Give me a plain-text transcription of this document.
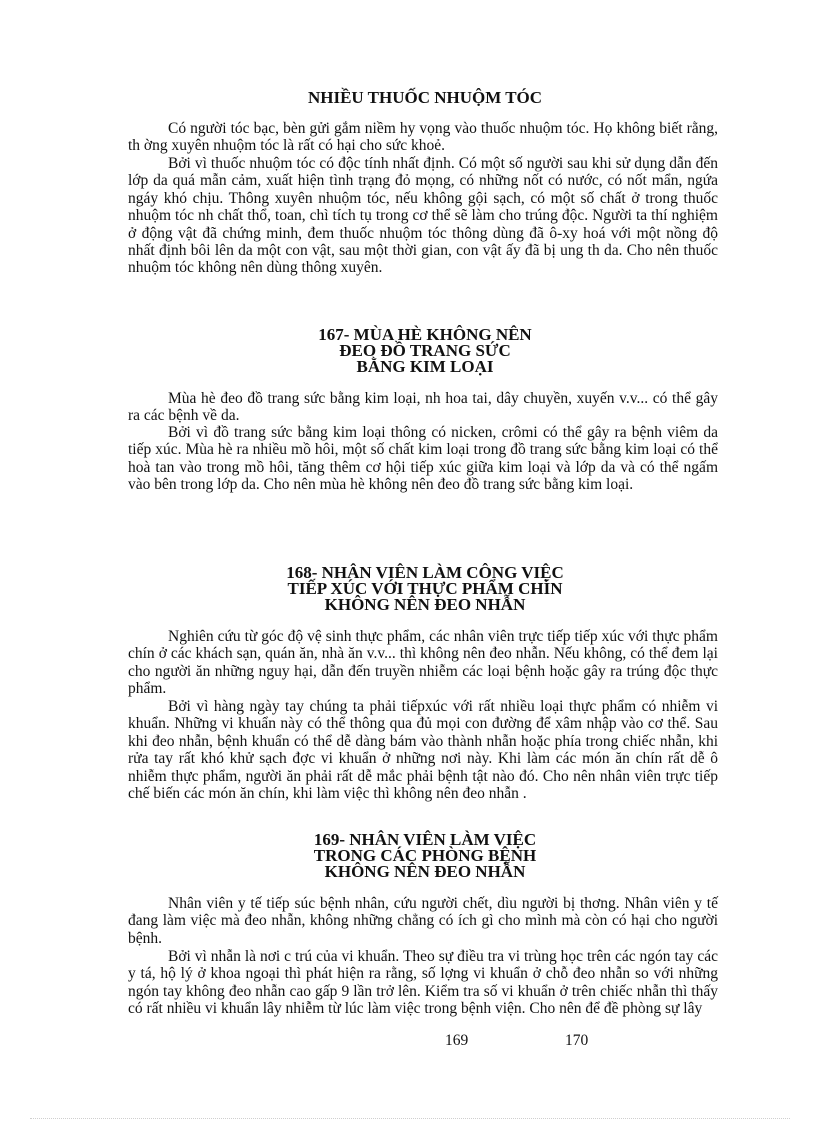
NHIỀU THUỐC NHUỘM TÓC

Có người tóc bạc, bèn gửi gắm niềm hy vọng vào thuốc nhuộm tóc. Họ không biết rằng, th ờng xuyên nhuộm tóc là rất có hại cho sức khoẻ.

Bởi vì thuốc nhuộm tóc có độc tính nhất định. Có một số người sau khi sử dụng dẫn đến lớp da quá mẫn cảm, xuất hiện tình trạng đỏ mọng, có những nốt có nước, có nốt mẩn, ngứa ngáy khó chịu. Thông xuyên nhuộm tóc, nếu không gội sạch, có một số chất ở trong thuốc nhuộm tóc nh chất thổ, toan, chì tích tụ trong cơ thể sẽ làm cho trúng độc. Người ta thí nghiệm ở động vật đã chứng minh, đem thuốc nhuộm tóc thông dùng đã ô-xy hoá với một nồng độ nhất định bôi lên da một con vật, sau một thời gian, con vật ấy đã bị ung th da. Cho nên thuốc nhuộm tóc không nên dùng thông xuyên.

167- MÙA HÈ KHÔNG NÊN
ĐEO ĐỒ TRANG SỨC
BẰNG KIM LOẠI

Mùa hè đeo đồ trang sức bằng kim loại, nh hoa tai, dây chuyền, xuyến v.v... có thể gây ra các bệnh về da.

Bởi vì đồ trang sức bằng kim loại thông có nicken, crômi có thể gây ra bệnh viêm da tiếp xúc. Mùa hè ra nhiều mồ hôi, một số chất kim loại trong đồ trang sức bằng kim loại có thể hoà tan vào trong mồ hôi, tăng thêm cơ hội tiếp xúc giữa kim loại và lớp da và có thể ngấm vào bên trong lớp da. Cho nên mùa hè không nên đeo đồ trang sức bằng kim loại.

168- NHÂN VIÊN LÀM CÔNG VIỆC
TIẾP XÚC VỚI THỰC PHẨM CHÍN
KHÔNG NÊN ĐEO NHẪN

Nghiên cứu từ góc độ vệ sinh thực phẩm, các nhân viên trực tiếp tiếp xúc với thực phẩm chín ở các khách sạn, quán ăn, nhà ăn v.v... thì không nên đeo nhẫn. Nếu không, có thể đem lại cho người ăn những nguy hại, dẫn đến truyền nhiễm các loại bệnh hoặc gây ra trúng độc thực phẩm.

Bởi vì hàng ngày tay chúng ta phải tiếpxúc với rất nhiều loại thực phẩm có nhiễm vi khuẩn. Những vi khuẩn này có thể thông qua đủ mọi con đường để xâm nhập vào cơ thể. Sau khi đeo nhẫn, bệnh khuẩn có thể dễ dàng bám vào thành nhẫn hoặc phía trong chiếc nhẫn, khi rửa tay rất khó khử sạch đợc vi khuẩn ở những nơi này. Khi làm các món ăn chín rất dễ ô nhiễm thực phẩm, người ăn phải rất dễ mắc phải bệnh tật nào đó. Cho nên nhân viên trực tiếp chế biến các món ăn chín, khi làm việc thì không nên đeo nhẫn .

169- NHÂN VIÊN LÀM VIỆC
TRONG CÁC PHÒNG BỆNH
KHÔNG NÊN ĐEO NHẪN

Nhân viên y tế tiếp súc bệnh nhân, cứu người chết, dìu người bị thơng. Nhân viên y tế đang làm việc mà đeo nhẫn, không những chẳng có ích gì cho mình mà còn có hại cho người bệnh.

Bởi vì nhẫn là nơi c trú của vi khuẩn. Theo sự điều tra vi trùng học trên các ngón tay các y tá, hộ lý ở khoa ngoại thì phát hiện ra rằng, số lợng vi khuẩn ở chỗ đeo nhẫn so với những ngón tay không đeo nhẫn cao gấp 9 lần trở lên. Kiểm tra số vi khuẩn ở trên chiếc nhẫn thì thấy có rất nhiều vi khuẩn lây nhiễm từ lúc làm việc trong bệnh viện. Cho nên để đề phòng sự lây

169	170
